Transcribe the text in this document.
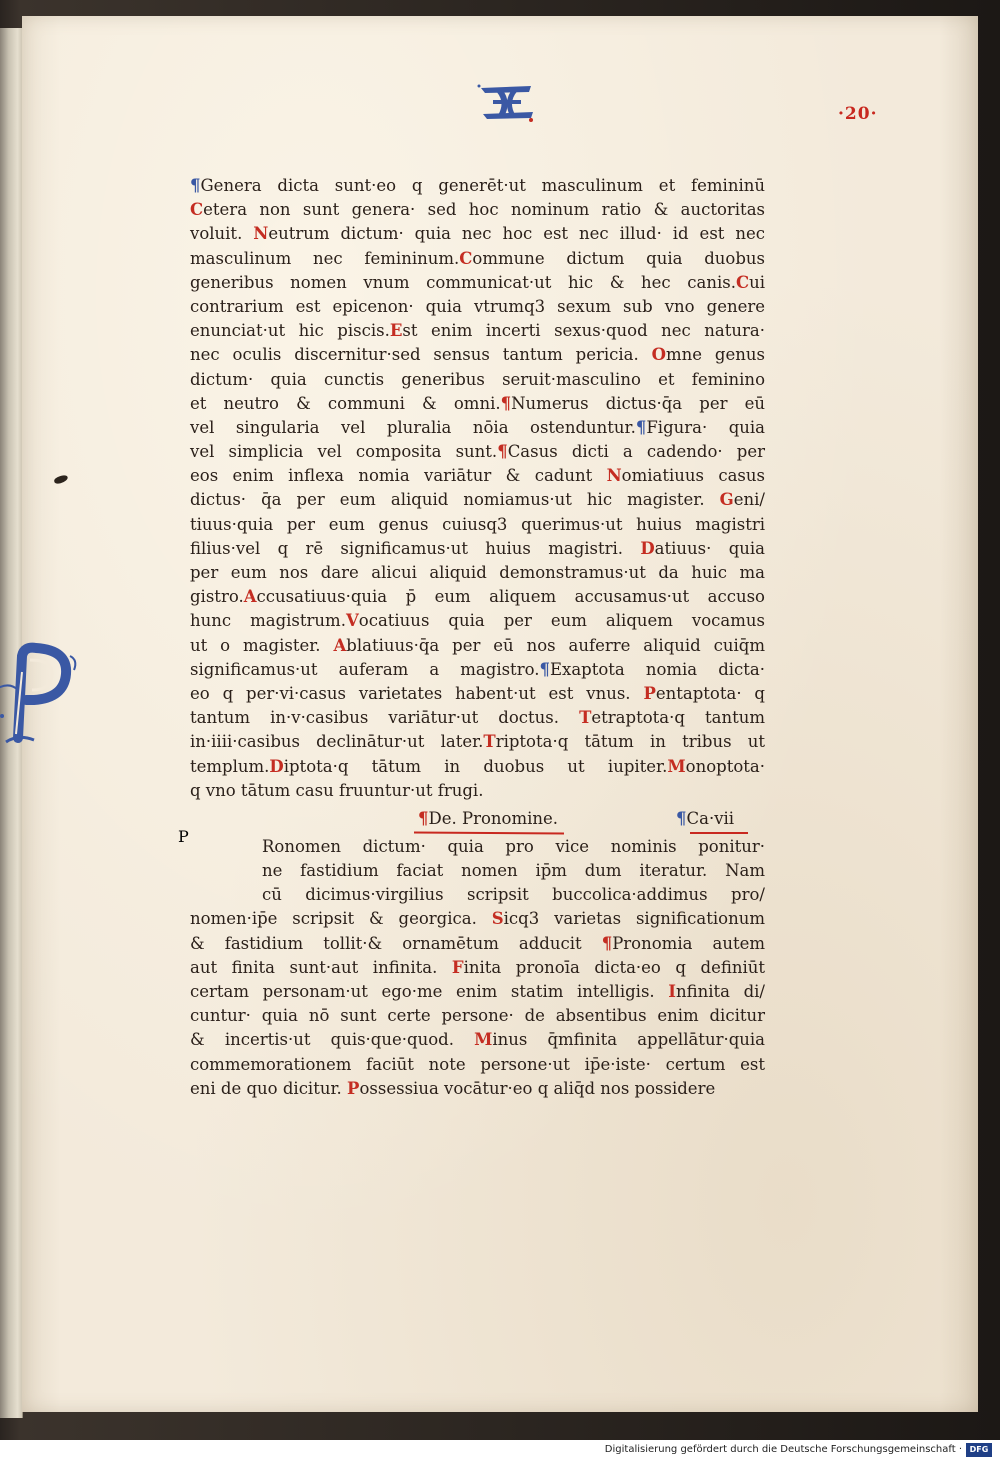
·20·
¶Genera dicta sunt·eo q generēt·ut masculinum et femininū
Cetera non sunt genera· sed hoc nominum ratio & auctoritas
voluit. Neutrum dictum· quia nec hoc est nec illud· id est nec
masculinum nec femininum.Commune dictum quia duobus
generibus nomen vnum communicat·ut hic & hec canis.Cui
contrarium est epicenon· quia vtrumq3 sexum sub vno genere
enunciat·ut hic piscis.Est enim incerti sexus·quod nec natura·
nec oculis discernitur·sed sensus tantum pericia. Omne genus
dictum· quia cunctis generibus seruit·masculino et feminino
et neutro & communi & omni.¶Numerus dictus·q̄a per eū
vel singularia vel pluralia nōia ostenduntur.¶Figura· quia
vel simplicia vel composita sunt.¶Casus dicti a cadendo· per
eos enim inflexa nomia variātur & cadunt Nomiatiuus casus
dictus· q̄a per eum aliquid nomiamus·ut hic magister. Geni/
tiuus·quia per eum genus cuiusq3 querimus·ut huius magistri
filius·vel q rē significamus·ut huius magistri. Datiuus· quia
per eum nos dare alicui aliquid demonstramus·ut da huic ma
gistro.Accusatiuus·quia p̄ eum aliquem accusamus·ut accuso
hunc magistrum.Vocatiuus quia per eum aliquem vocamus
ut o magister. Ablatiuus·q̄a per eū nos auferre aliquid cuiq̄m
significamus·ut auferam a magistro.¶Exaptota nomia dicta·
eo q per·vi·casus varietates habent·ut est vnus. Pentaptota· q
tantum in·v·casibus variātur·ut doctus. Tetraptota·q tantum
in·iiii·casibus declinātur·ut later.Triptota·q tātum in tribus ut
templum.Diptota·q tātum in duobus ut iupiter.Monoptota·
q vno tātum casu fruuntur·ut frugi.
¶De. Pronomine.	¶Ca·vii
Ronomen dictum· quia pro vice nominis ponitur·
ne fastidium faciat nomen ip̄m dum iteratur. Nam
cū dicimus·virgilius scripsit buccolica·addimus pro/
nomen·ip̄e scripsit & georgica. Sicq3 varietas significationum
& fastidium tollit·& ornamētum adducit ¶Pronomia autem
aut finita sunt·aut infinita. Finita pronoīa dicta·eo q definiūt
certam personam·ut ego·me enim statim intelligis. Infinita di/
cuntur· quia nō sunt certe persone· de absentibus enim dicitur
& incertis·ut quis·que·quod. Minus q̄mfinita appellātur·quia
commemorationem faciūt note persone·ut ip̄e·iste· certum est
eni de quo dicitur. Possessiua vocātur·eo q aliq̄d nos possidere
P
Digitalisierung gefördert durch die Deutsche Forschungsgemeinschaft · DFG
